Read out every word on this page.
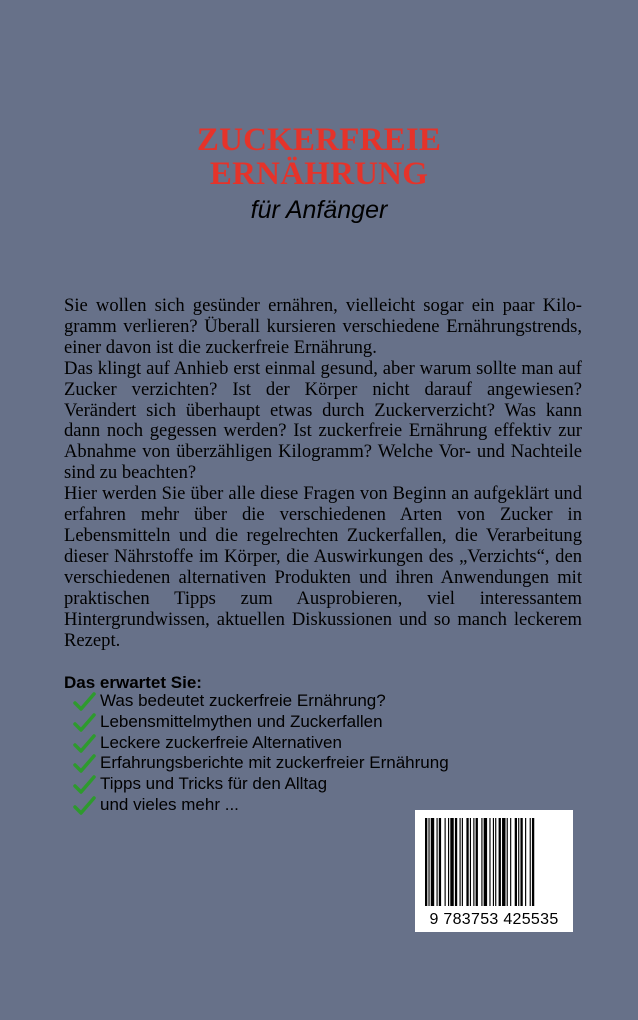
ZUCKERFREIE
ERNÄHRUNG
für Anfänger

Sie wollen sich gesünder ernähren, vielleicht sogar ein paar Kilogramm verlieren? Überall kursieren verschiedene Ernährungstrends, einer davon ist die zuckerfreie Ernährung.

Das klingt auf Anhieb erst einmal gesund, aber warum sollte man auf Zucker verzichten? Ist der Körper nicht darauf angewiesen? Verändert sich überhaupt etwas durch Zuckerverzicht? Was kann dann noch gegessen werden? Ist zuckerfreie Ernährung effektiv zur Abnahme von überzähligen Kilogramm? Welche Vor- und Nachteile sind zu beachten?

Hier werden Sie über alle diese Fragen von Beginn an aufgeklärt und erfahren mehr über die verschiedenen Arten von Zucker in Lebensmitteln und die regelrechten Zuckerfallen, die Verarbeitung dieser Nährstoffe im Körper, die Auswirkungen des „Verzichts“, den verschiedenen alternativen Produkten und ihren Anwendungen mit praktischen Tipps zum Ausprobieren, viel interessantem Hintergrundwissen, aktuellen Diskussionen und so manch leckerem Rezept.

Das erwartet Sie:
Was bedeutet zuckerfreie Ernährung?
Lebensmittelmythen und Zuckerfallen
Leckere zuckerfreie Alternativen
Erfahrungsberichte mit zuckerfreier Ernährung
Tipps und Tricks für den Alltag
und vieles mehr ...
9 783753 425535
